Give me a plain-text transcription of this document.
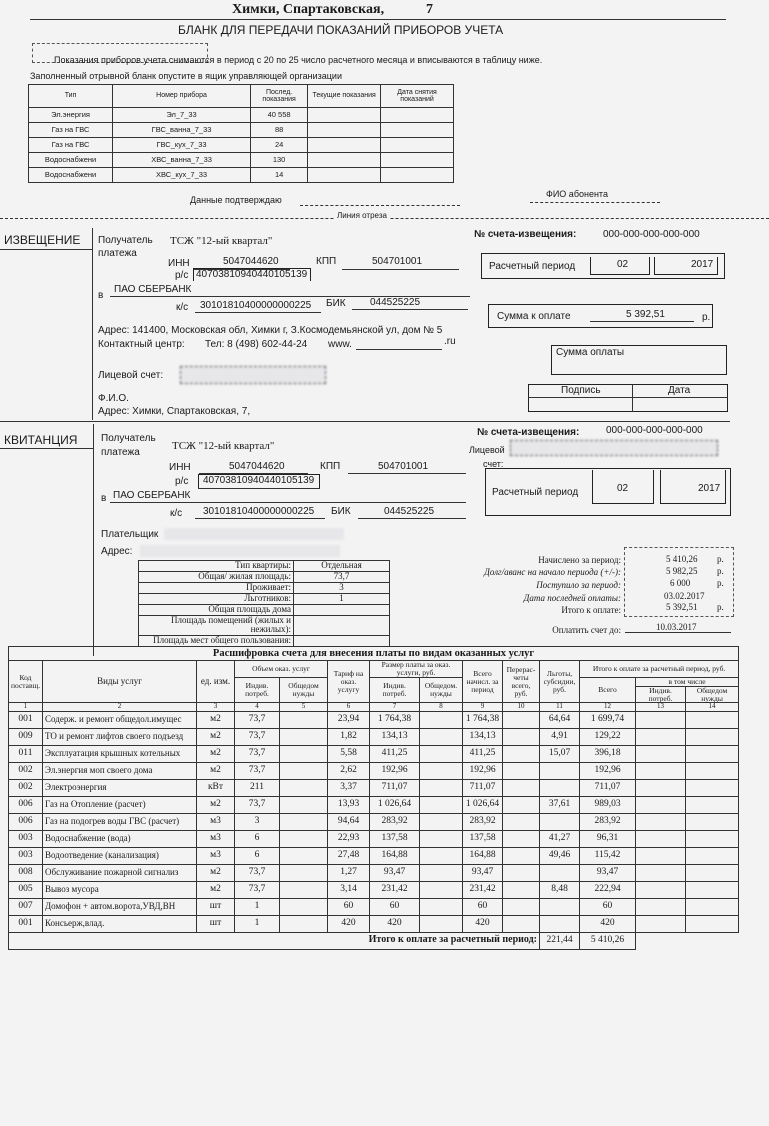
Химки, Спартаковская,	7
БЛАНК ДЛЯ ПЕРЕДАЧИ ПОКАЗАНИЙ ПРИБОРОВ УЧЕТА
Показания приборов учета снимаются в период с 20 по 25 число расчетного месяца и вписываются в таблицу ниже.
Заполненный отрывной бланк опустите в ящик управляющей организации
Тип	Номер прибора	Послед. показания	Текущие показания	Дата снятия показаний
Эл.энергия	Эл_7_33	40 558		
Газ на ГВС	ГВС_ванна_7_33	88		
Газ на ГВС	ГВС_кух_7_33	24		
Водоснабжени	ХВС_ванна_7_33	130		
Водоснабжени	ХВС_кух_7_33	14		
Данные подтверждаю
ФИО абонента
Линия отреза
ИЗВЕЩЕНИЕ Получатель
платежа
ТСЖ "12-ый квартал"
ИНН	5047044620	КПП	504701001
р/с 40703810940440105139
в
ПАО СБЕРБАНК
к/с 30101810400000000225 БИК 044525225
Адрес: 141400, Московская обл, Химки г, З.Космодемьянской ул, дом № 5
Контактный центр: Тел: 8 (498) 602-44-24 www.	.ru
Лицевой счет:
Ф.И.О.
Адрес: Химки, Спартаковская, 7,
№ счета-извещения:	000-000-000-000-000
Расчетный период	02	2017
Сумма к оплате	5 392,51	р.
Сумма оплаты
Подпись	Дата
КВИТАНЦИЯ Получатель
платежа
ТСЖ "12-ый квартал"
ИНН	5047044620	КПП	504701001
р/с 40703810940440105139
в ПАО СБЕРБАНК
к/с 30101810400000000225 БИК	044525225
Плательщик
Адрес:
№ счета-извещения:	000-000-000-000-000
Лицевой
счет:
Расчетный период	02	2017
Тип квартиры:	Отдельная
Общая/ жилая площадь:	73,7
Проживает:	3
Льготников:	1
Общая площадь дома	
Площадь помещений (жилых и нежилых):	
Площадь мест общего пользования:	
Начислено за период:	5 410,26 р.
Долг/аванс на начало периода (+/-):	5 982,25 р.
Поступило за период:	6 000	р.
Дата последней оплаты:	03.02.2017
Итого к оплате:	5 392,51 р.
Оплатить счет до:	10.03.2017
Расшифровка счета для внесения платы по видам оказанных услуг													
Код поставщ.	Виды услуг	ед. изм.	Объем оказ. услуг		Тариф на оказ. услугу	Размер платы за оказ. услуги, руб.		Всего начисл. за период	Перерас- четы всего, руб.	Льготы, субсидии, руб.	Итого к оплате за расчетный период, руб.		
			Индив. потреб.	Общедом нужды		Индив. потреб.	Общедом. нужды				Всего	в том числе	
												Индив. потреб.	Общедом нужды
1	2	3	4	5	6	7	8	9	10	11	12	13	14
001	Содерж. и ремонт общедол.имущес	м2	73,7		23,94	1 764,38		1 764,38		64,64	1 699,74		
009	ТО и ремонт лифтов своего подъезд	м2	73,7		1,82	134,13		134,13		4,91	129,22		
011	Эксплуатация крышных котельных	м2	73,7		5,58	411,25		411,25		15,07	396,18		
002	Эл.энергия моп своего дома	м2	73,7		2,62	192,96		192,96			192,96		
002	Электроэнергия	кВт	211		3,37	711,07		711,07			711,07		
006	Газ на Отопление (расчет)	м2	73,7		13,93	1 026,64		1 026,64		37,61	989,03		
006	Газ на подогрев воды ГВС (расчет)	м3	3		94,64	283,92		283,92			283,92		
003	Водоснабжение (вода)	м3	6		22,93	137,58		137,58		41,27	96,31		
003	Водоотведение (канализация)	м3	6		27,48	164,88		164,88		49,46	115,42		
008	Обслуживание пожарной сигнализ	м2	73,7		1,27	93,47		93,47			93,47		
005	Вывоз мусора	м2	73,7		3,14	231,42		231,42		8,48	222,94		
007	Домофон + автом.ворота,УВД,ВН	шт	1		60	60		60			60		
001	Консьерж,влад.	шт	1		420	420		420			420		
Итого к оплате за расчетный период:										221,44	5 410,26		
